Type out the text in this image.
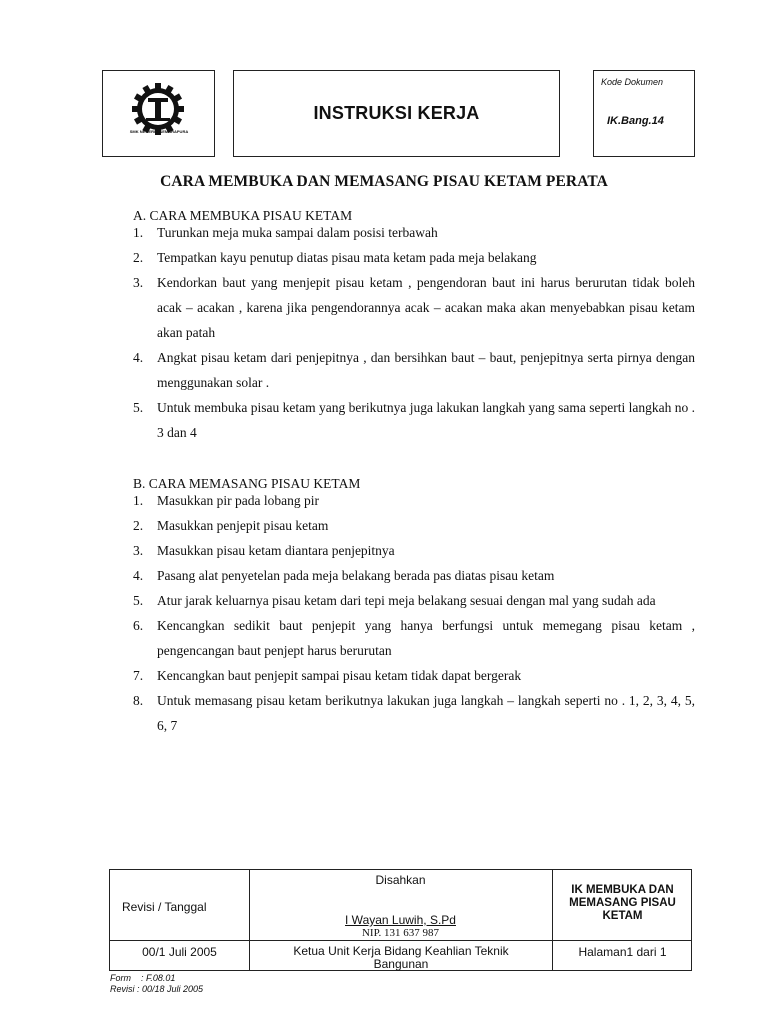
SMK NEGERI 1 SEMARAPURA
INSTRUKSI KERJA
Kode Dokumen
IK.Bang.14
CARA MEMBUKA DAN MEMASANG PISAU KETAM PERATA
A. CARA MEMBUKA PISAU KETAM
1. Turunkan meja muka sampai dalam posisi terbawah
2. Tempatkan kayu penutup diatas pisau mata ketam pada meja belakang
3. Kendorkan baut yang menjepit pisau ketam , pengendoran baut ini harus berurutan tidak boleh acak – acakan , karena jika pengendorannya acak – acakan maka akan menyebabkan pisau ketam akan patah
4. Angkat pisau ketam dari penjepitnya , dan bersihkan baut – baut, penjepitnya serta pirnya dengan menggunakan solar .
5. Untuk membuka pisau ketam yang berikutnya juga lakukan langkah yang sama seperti langkah no . 3 dan 4
B. CARA MEMASANG PISAU KETAM
1. Masukkan pir pada lobang pir
2. Masukkan penjepit pisau ketam
3. Masukkan pisau ketam diantara penjepitnya
4. Pasang alat penyetelan pada meja belakang berada pas diatas pisau ketam
5. Atur jarak keluarnya pisau ketam dari tepi meja belakang sesuai dengan mal yang sudah ada
6. Kencangkan sedikit baut penjepit yang hanya berfungsi untuk memegang pisau ketam , pengencangan baut penjept harus berurutan
7. Kencangkan baut penjepit sampai pisau ketam tidak dapat bergerak
8. Untuk memasang pisau ketam berikutnya lakukan juga langkah – langkah seperti no . 1, 2, 3, 4, 5, 6, 7
Revisi / Tanggal
Disahkan
I Wayan Luwih, S.Pd
NIP. 131 637 987
IK MEMBUKA DAN MEMASANG PISAU KETAM
00/1 Juli 2005	Ketua Unit Kerja Bidang Keahlian Teknik Bangunan
Halaman1 dari 1
Form    : F.08.01
Revisi : 00/18 Juli 2005
